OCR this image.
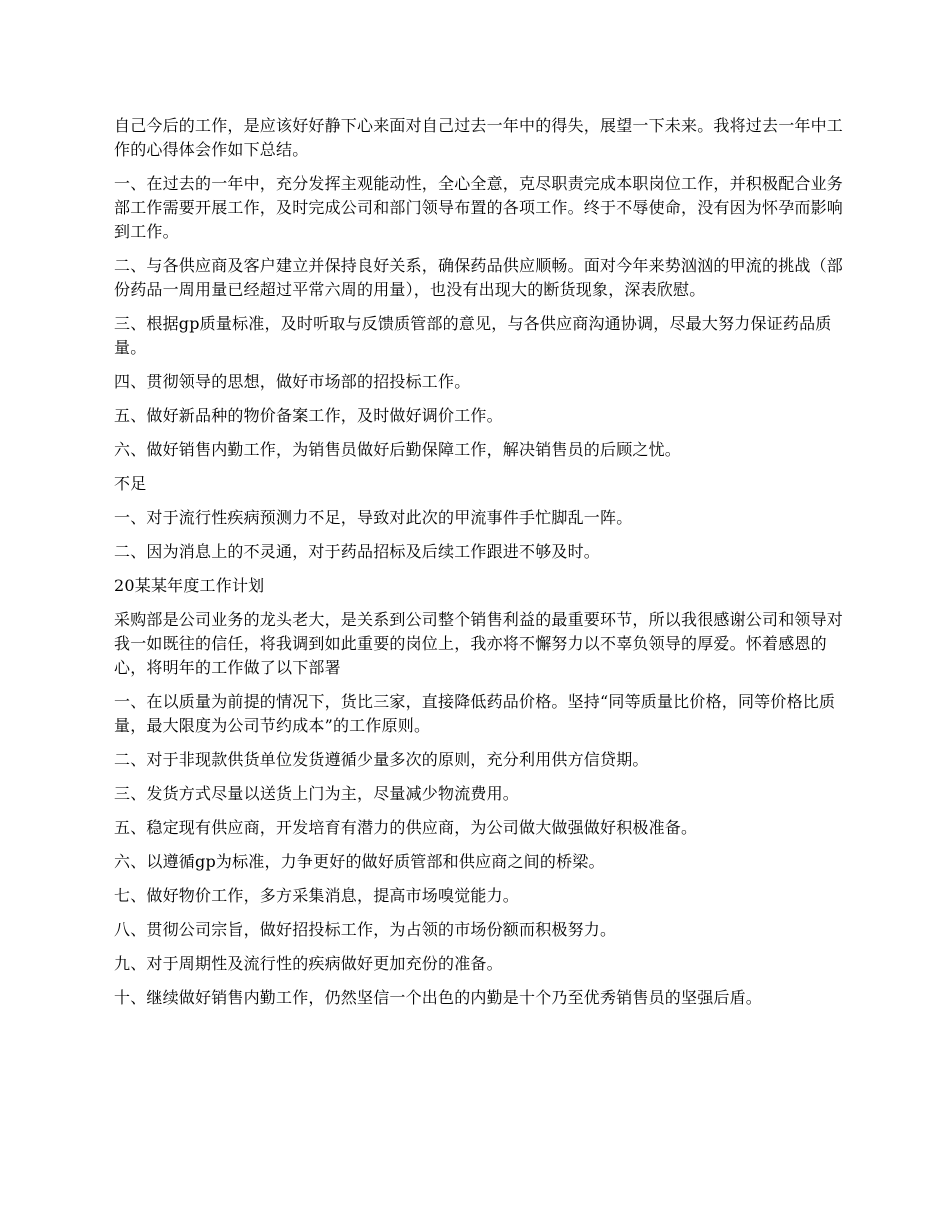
自己今后的工作，是应该好好静下心来面对自己过去一年中的得失，展望一下未来。我将过去一年中工作的心得体会作如下总结。

一、在过去的一年中，充分发挥主观能动性，全心全意，克尽职责完成本职岗位工作，并积极配合业务部工作需要开展工作，及时完成公司和部门领导布置的各项工作。终于不辱使命，没有因为怀孕而影响到工作。

二、与各供应商及客户建立并保持良好关系，确保药品供应顺畅。面对今年来势汹汹的甲流的挑战（部份药品一周用量已经超过平常六周的用量），也没有出现大的断货现象，深表欣慰。

三、根据gp质量标准，及时听取与反馈质管部的意见，与各供应商沟通协调，尽最大努力保证药品质量。

四、贯彻领导的思想，做好市场部的招投标工作。

五、做好新品种的物价备案工作，及时做好调价工作。

六、做好销售内勤工作，为销售员做好后勤保障工作，解决销售员的后顾之忧。

不足

一、对于流行性疾病预测力不足，导致对此次的甲流事件手忙脚乱一阵。

二、因为消息上的不灵通，对于药品招标及后续工作跟进不够及时。

20某某年度工作计划

采购部是公司业务的龙头老大，是关系到公司整个销售利益的最重要环节，所以我很感谢公司和领导对我一如既往的信任，将我调到如此重要的岗位上，我亦将不懈努力以不辜负领导的厚爱。怀着感恩的心，将明年的工作做了以下部署

一、在以质量为前提的情况下，货比三家，直接降低药品价格。坚持“同等质量比价格，同等价格比质量，最大限度为公司节约成本”的工作原则。

二、对于非现款供货单位发货遵循少量多次的原则，充分利用供方信贷期。

三、发货方式尽量以送货上门为主，尽量减少物流费用。

五、稳定现有供应商，开发培育有潜力的供应商，为公司做大做强做好积极准备。

六、以遵循gp为标准，力争更好的做好质管部和供应商之间的桥梁。

七、做好物价工作，多方采集消息，提高市场嗅觉能力。

八、贯彻公司宗旨，做好招投标工作，为占领的市场份额而积极努力。

九、对于周期性及流行性的疾病做好更加充份的准备。

十、继续做好销售内勤工作，仍然坚信一个出色的内勤是十个乃至优秀销售员的坚强后盾。
